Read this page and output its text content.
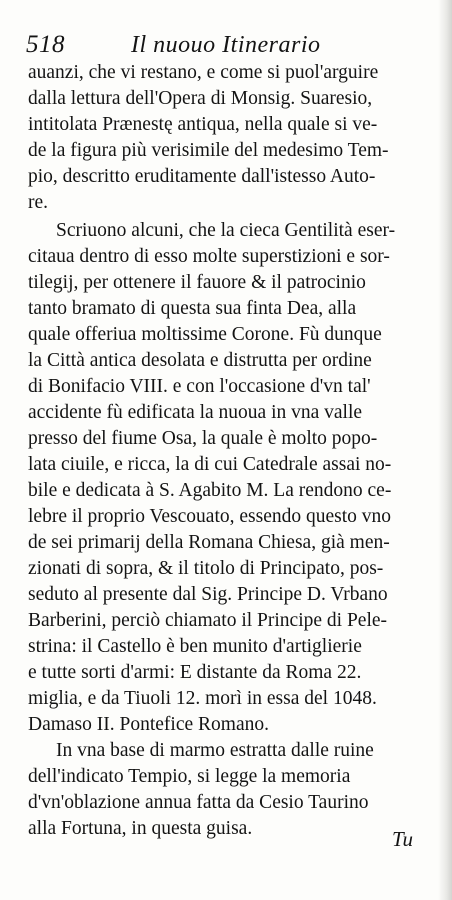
518	Il nuouo Itinerario
auanzi, che vi restano, e come si puol'arguire
dalla lettura dell'Opera di Monsig. Suaresio,
intitolata Prænestę antiqua, nella quale si ve-
de la figura più verisimile del medesimo Tem-
pio, descritto eruditamente dall'istesso Auto-
re.
Scriuono alcuni, che la cieca Gentilità eser-
citaua dentro di esso molte superstizioni e sor-
tilegij, per ottenere il fauore & il patrocinio
tanto bramato di questa sua finta Dea, alla
quale offeriua moltissime Corone. Fù dunque
la Città antica desolata e distrutta per ordine
di Bonifacio VIII. e con l'occasione d'vn tal'
accidente fù edificata la nuoua in vna valle
presso del fiume Osa, la quale è molto popo-
lata ciuile, e ricca, la di cui Catedrale assai no-
bile e dedicata à S. Agabito M. La rendono ce-
lebre il proprio Vescouato, essendo questo vno
de sei primarij della Romana Chiesa, già men-
zionati di sopra, & il titolo di Principato, pos-
seduto al presente dal Sig. Principe D. Vrbano
Barberini, perciò chiamato il Principe di Pele-
strina: il Castello è ben munito d'artiglierie
e tutte sorti d'armi: E distante da Roma 22.
miglia, e da Tiuoli 12. morì in essa del 1048.
Damaso II. Pontefice Romano.
In vna base di marmo estratta dalle ruine
dell'indicato Tempio, si legge la memoria
d'vn'oblazione annua fatta da Cesio Taurino
alla Fortuna, in questa guisa.	Tu
